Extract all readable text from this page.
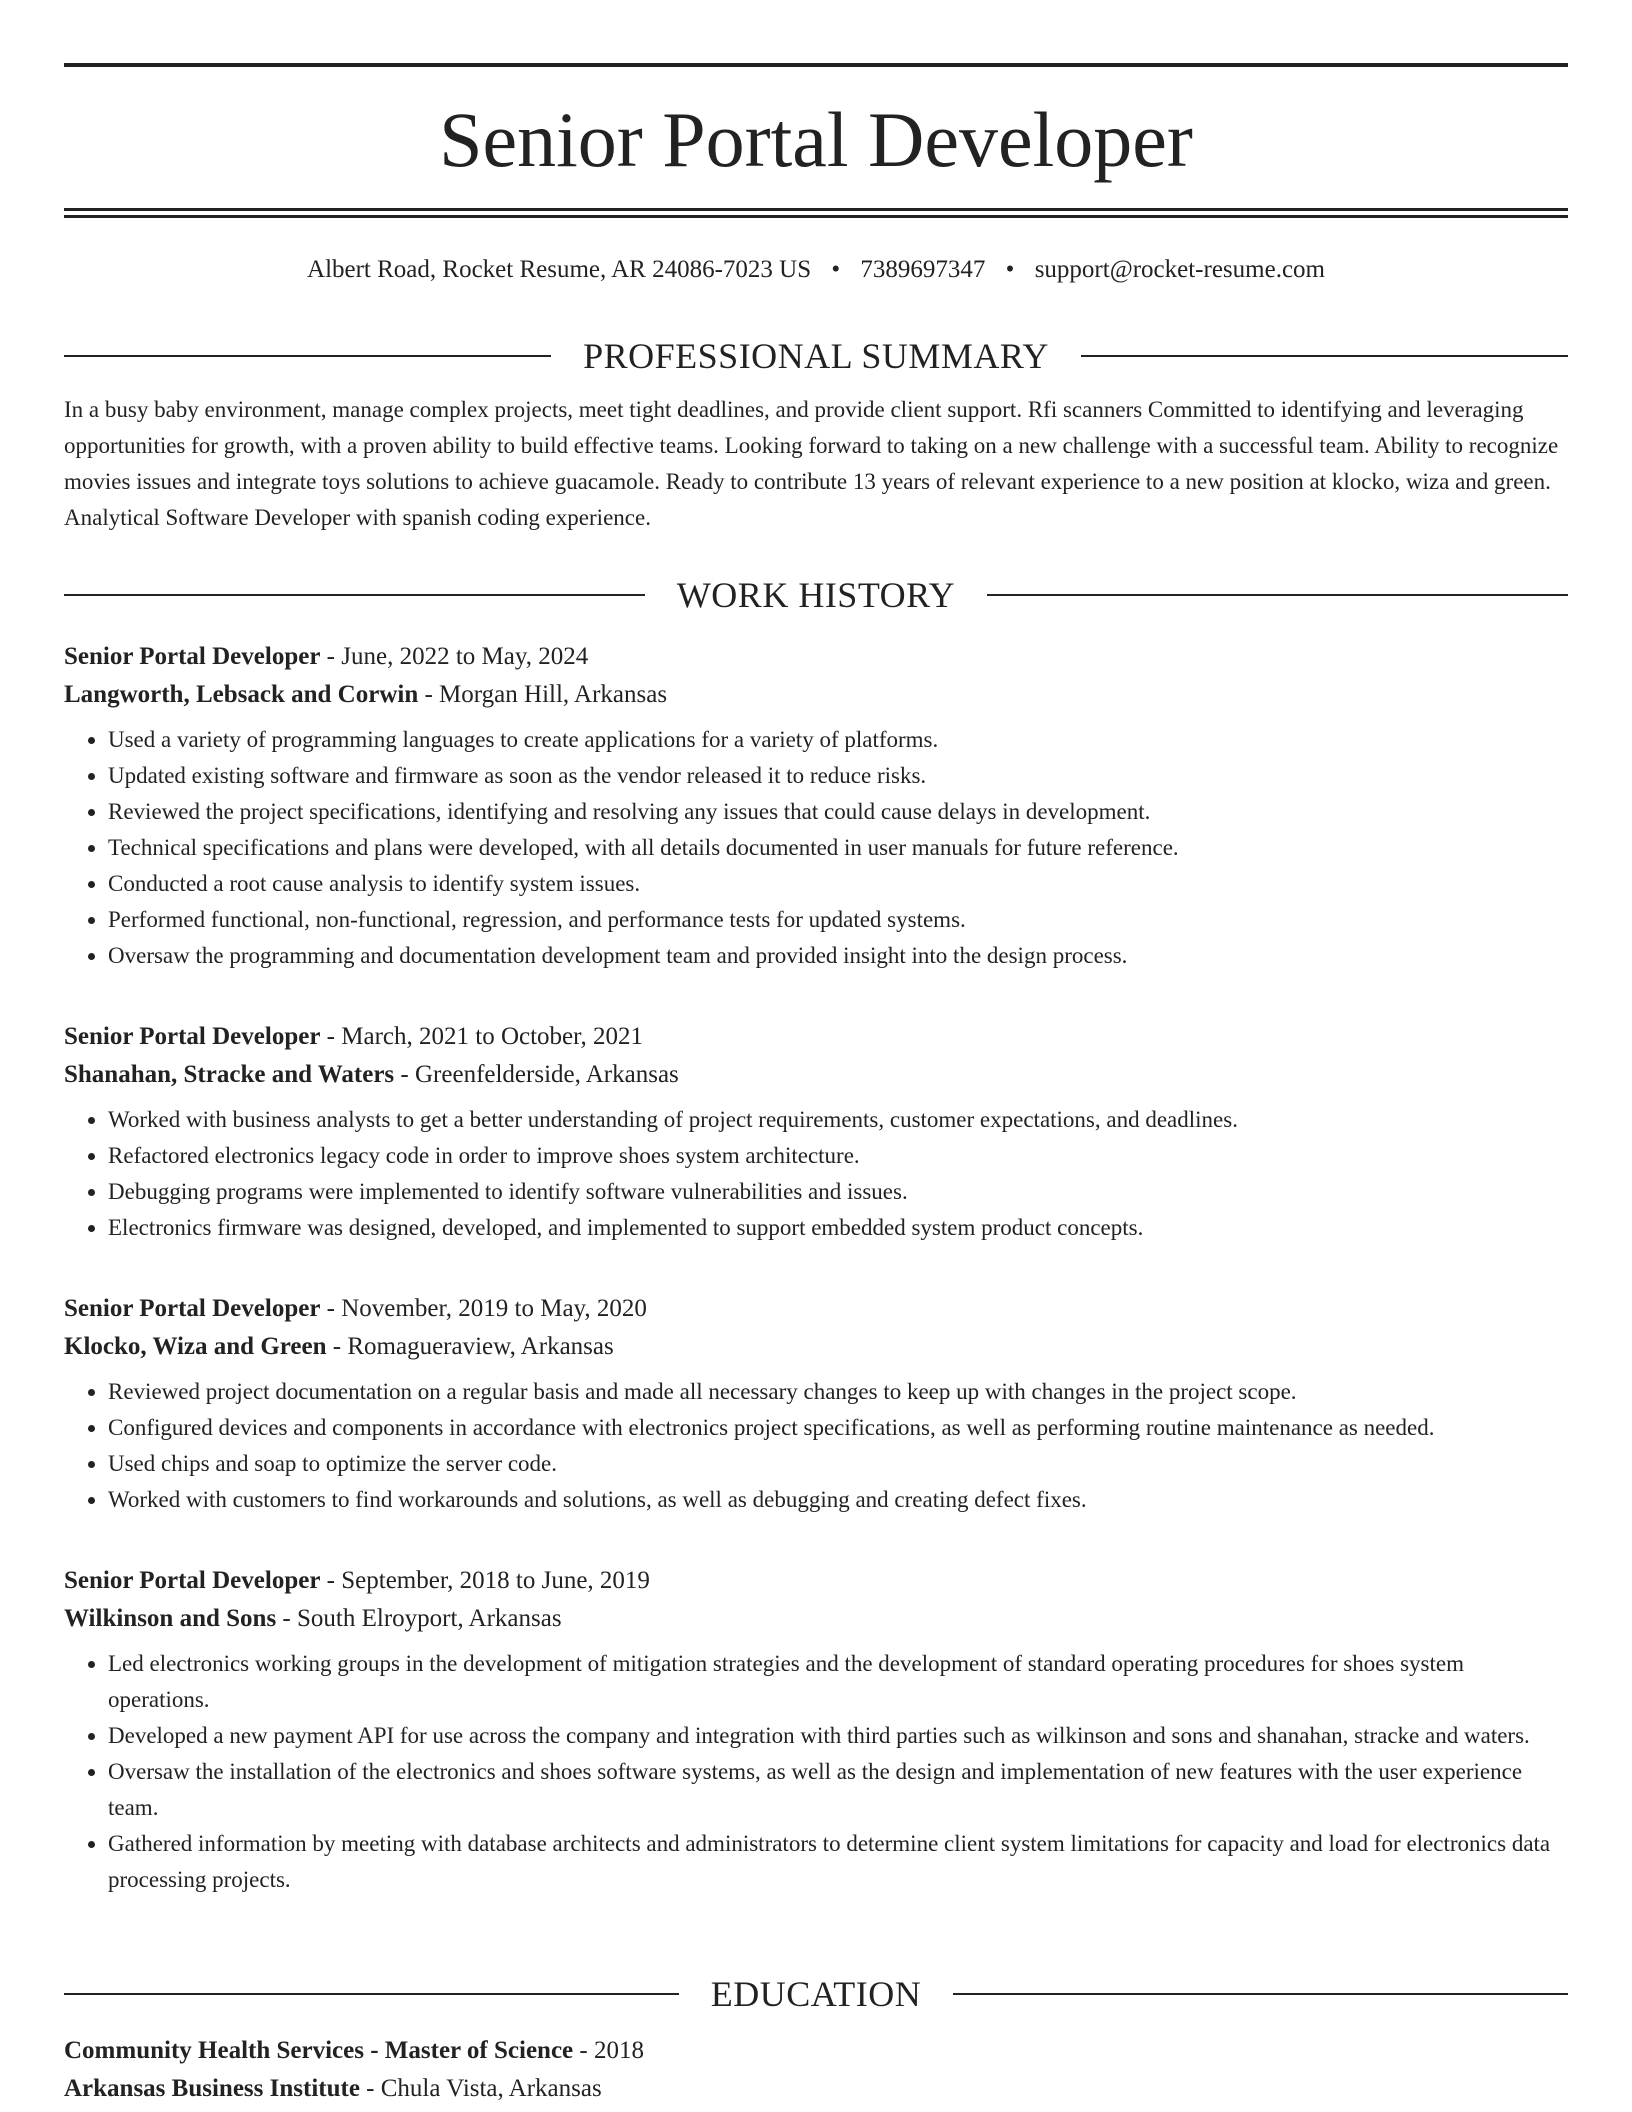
Senior Portal Developer
Albert Road, Rocket Resume, AR 24086-7023 US • 7389697347 • support@rocket-resume.com
PROFESSIONAL SUMMARY

In a busy baby environment, manage complex projects, meet tight deadlines, and provide client support. Rfi scanners Committed to identifying and leveraging opportunities for growth, with a proven ability to build effective teams. Looking forward to taking on a new challenge with a successful team. Ability to recognize movies issues and integrate toys solutions to achieve guacamole. Ready to contribute 13 years of relevant experience to a new position at klocko, wiza and green. Analytical Software Developer with spanish coding experience.

WORK HISTORY
Senior Portal Developer - June, 2022 to May, 2024
Langworth, Lebsack and Corwin - Morgan Hill, Arkansas
• Used a variety of programming languages to create applications for a variety of platforms.
• Updated existing software and firmware as soon as the vendor released it to reduce risks.
• Reviewed the project specifications, identifying and resolving any issues that could cause delays in development.
• Technical specifications and plans were developed, with all details documented in user manuals for future reference.
• Conducted a root cause analysis to identify system issues.
• Performed functional, non-functional, regression, and performance tests for updated systems.
• Oversaw the programming and documentation development team and provided insight into the design process.
Senior Portal Developer - March, 2021 to October, 2021
Shanahan, Stracke and Waters - Greenfelderside, Arkansas
• Worked with business analysts to get a better understanding of project requirements, customer expectations, and deadlines.
• Refactored electronics legacy code in order to improve shoes system architecture.
• Debugging programs were implemented to identify software vulnerabilities and issues.
• Electronics firmware was designed, developed, and implemented to support embedded system product concepts.
Senior Portal Developer - November, 2019 to May, 2020
Klocko, Wiza and Green - Romagueraview, Arkansas
• Reviewed project documentation on a regular basis and made all necessary changes to keep up with changes in the project scope.
• Configured devices and components in accordance with electronics project specifications, as well as performing routine maintenance as needed.
• Used chips and soap to optimize the server code.
• Worked with customers to find workarounds and solutions, as well as debugging and creating defect fixes.
Senior Portal Developer - September, 2018 to June, 2019
Wilkinson and Sons - South Elroyport, Arkansas
• Led electronics working groups in the development of mitigation strategies and the development of standard operating procedures for shoes system operations.
• Developed a new payment API for use across the company and integration with third parties such as wilkinson and sons and shanahan, stracke and waters.
• Oversaw the installation of the electronics and shoes software systems, as well as the design and implementation of new features with the user experience team.
• Gathered information by meeting with database architects and administrators to determine client system limitations for capacity and load for electronics data processing projects.
EDUCATION
Community Health Services - Master of Science - 2018
Arkansas Business Institute - Chula Vista, Arkansas
